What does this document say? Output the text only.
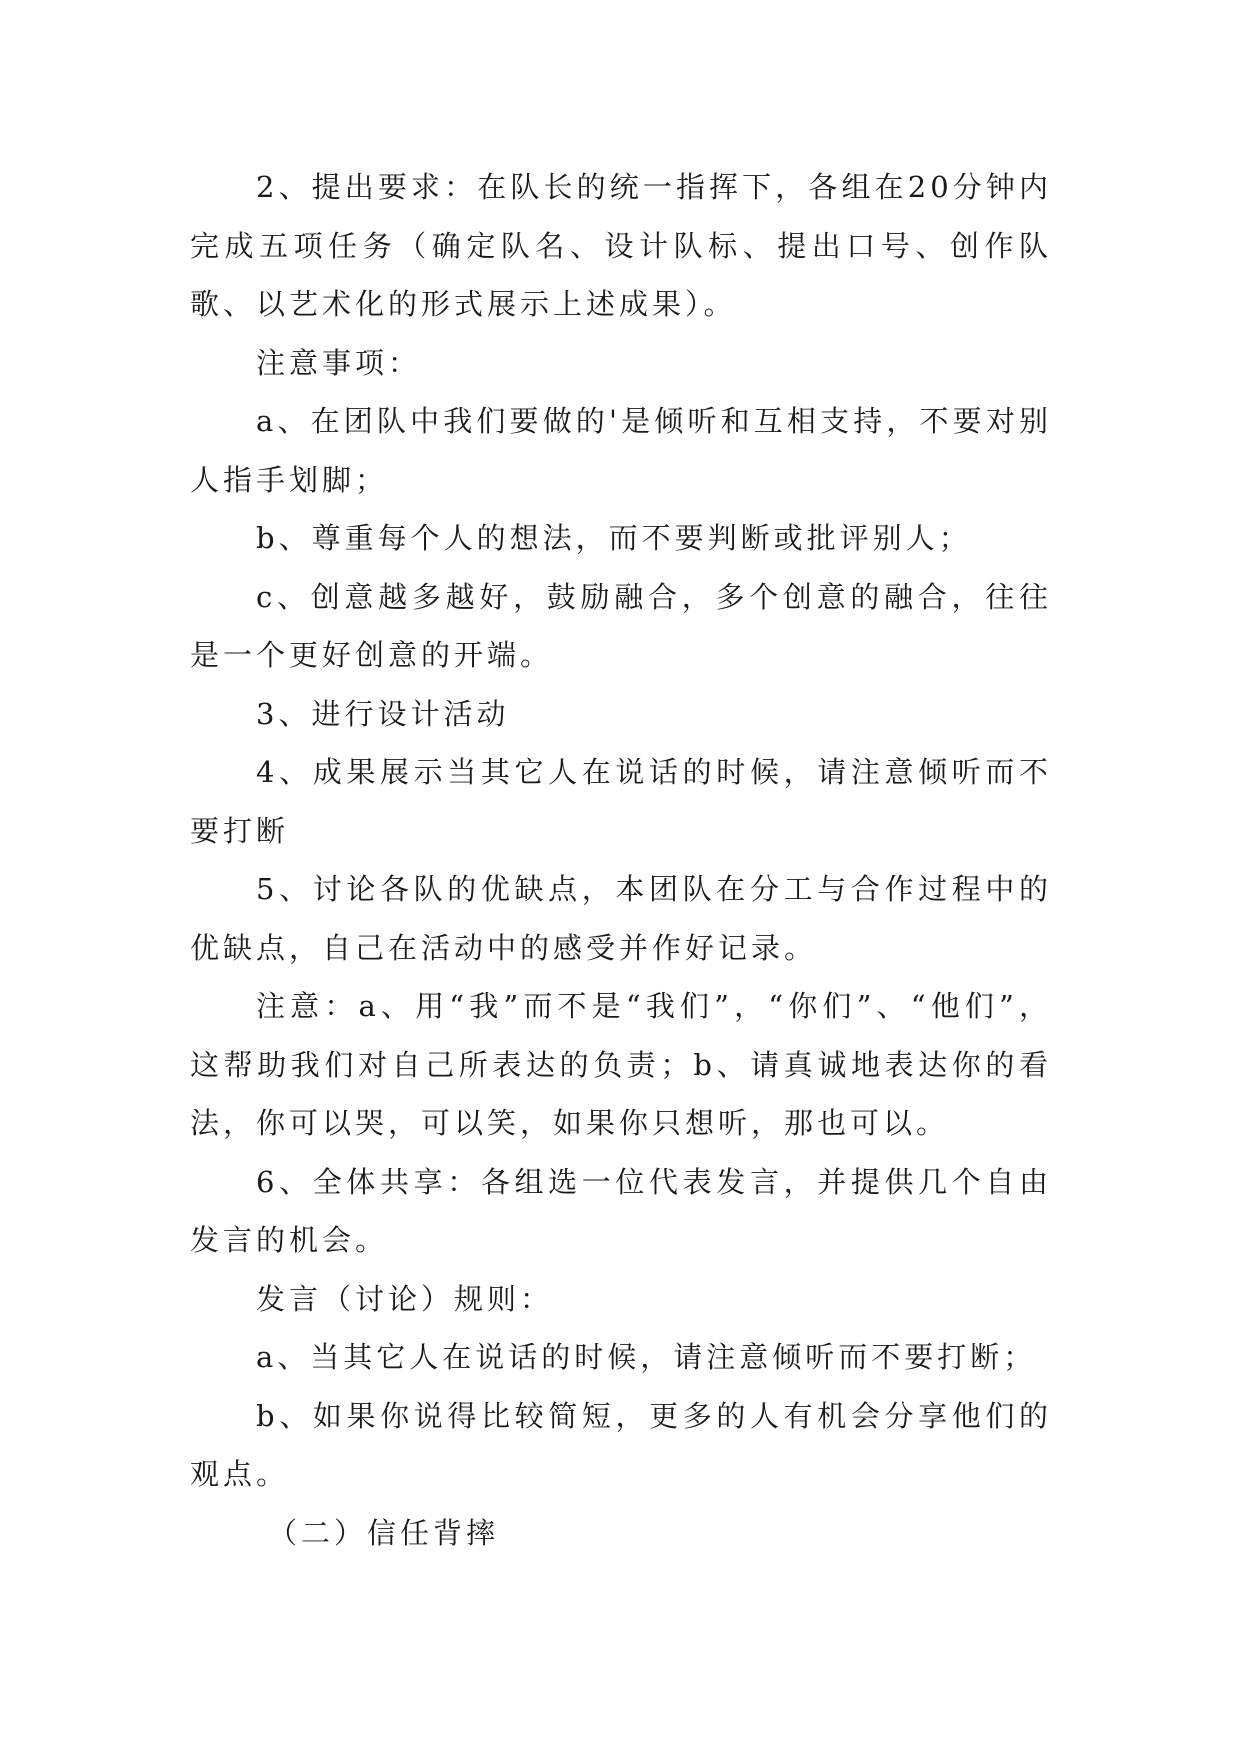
2、提出要求：在队长的统一指挥下，各组在20分钟内完成五项任务（确定队名、设计队标、提出口号、创作队歌、以艺术化的形式展示上述成果）。

注意事项：

a、在团队中我们要做的'是倾听和互相支持，不要对别人指手划脚；

b、尊重每个人的想法，而不要判断或批评别人；

c、创意越多越好，鼓励融合，多个创意的融合，往往是一个更好创意的开端。

3、进行设计活动

4、成果展示当其它人在说话的时候，请注意倾听而不要打断

5、讨论各队的优缺点，本团队在分工与合作过程中的优缺点，自己在活动中的感受并作好记录。

注意：a、用“我”而不是“我们”，“你们”、“他们”，这帮助我们对自己所表达的负责；b、请真诚地表达你的看法，你可以哭，可以笑，如果你只想听，那也可以。

6、全体共享：各组选一位代表发言，并提供几个自由发言的机会。

发言（讨论）规则：

a、当其它人在说话的时候，请注意倾听而不要打断；

b、如果你说得比较简短，更多的人有机会分享他们的观点。

（二）信任背摔
